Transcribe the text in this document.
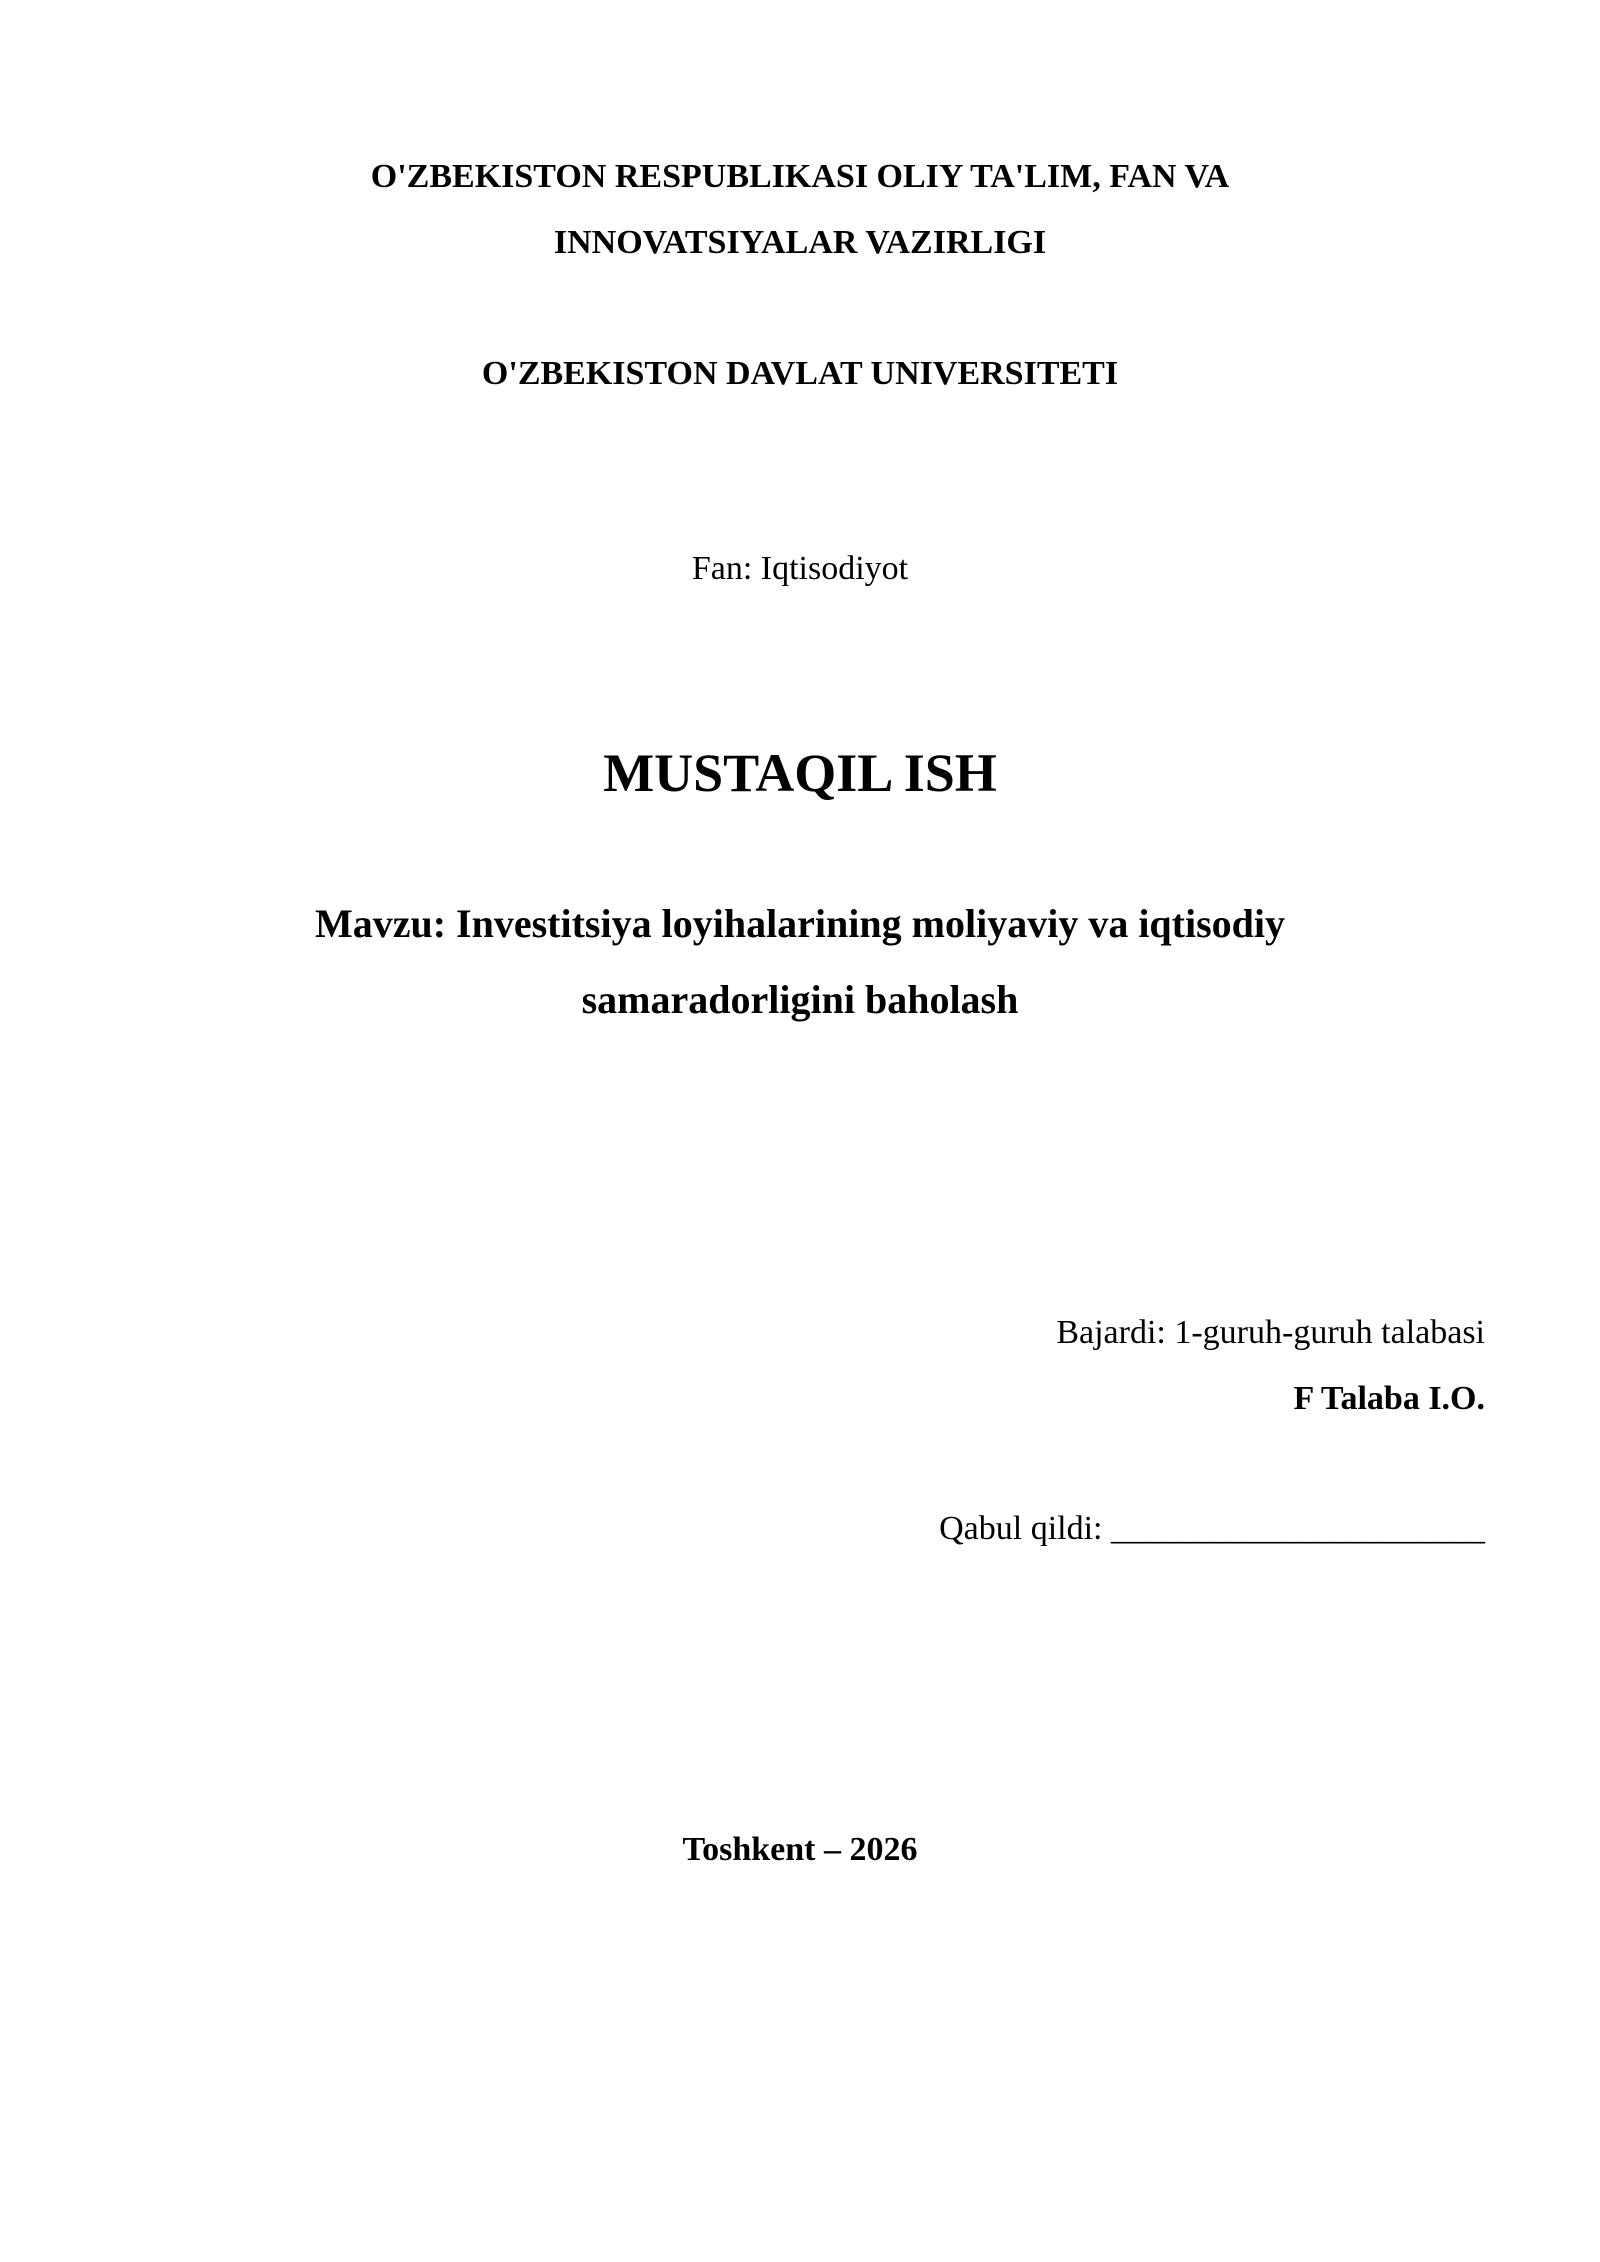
O'ZBEKISTON RESPUBLIKASI OLIY TA'LIM, FAN VA
INNOVATSIYALAR VAZIRLIGI
O'ZBEKISTON DAVLAT UNIVERSITETI
Fan: Iqtisodiyot
MUSTAQIL ISH
Mavzu: Investitsiya loyihalarining moliyaviy va iqtisodiy
samaradorligini baholash
Bajardi: 1-guruh-guruh talabasi
F Talaba I.O.
Qabul qildi: ______________________
Toshkent – 2026
